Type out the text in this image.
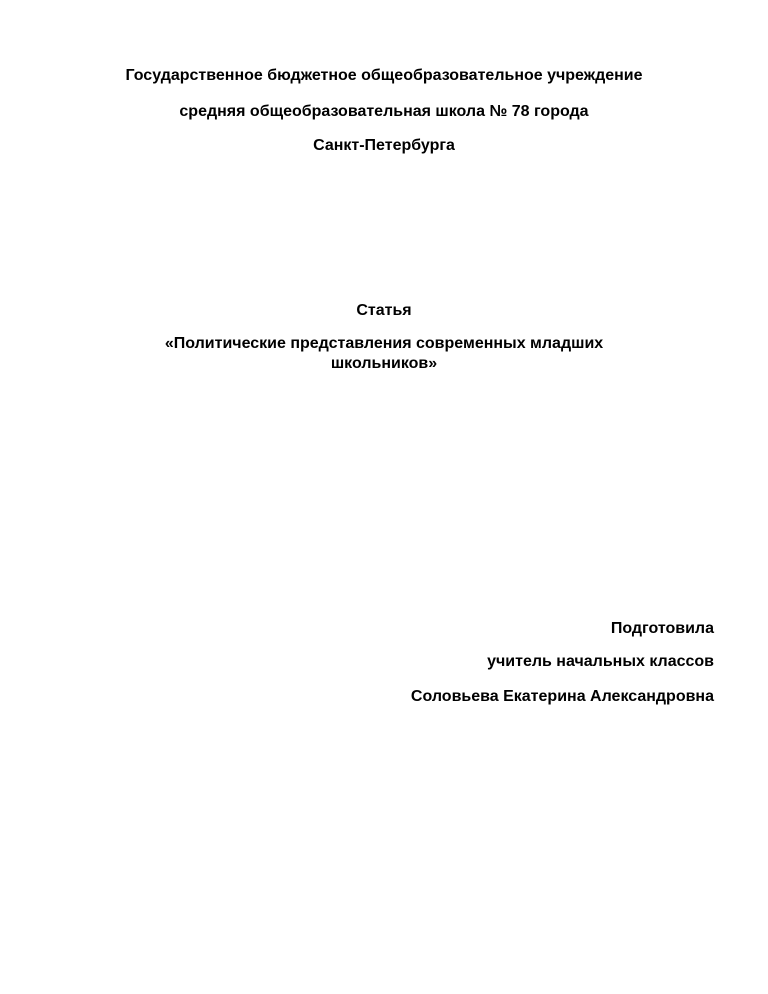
Государственное бюджетное общеобразовательное учреждение
средняя общеобразовательная школа № 78 города
Санкт-Петербурга
Статья
«Политические представления современных младших
школьников»
Подготовила
учитель начальных классов
Соловьева Екатерина Александровна
